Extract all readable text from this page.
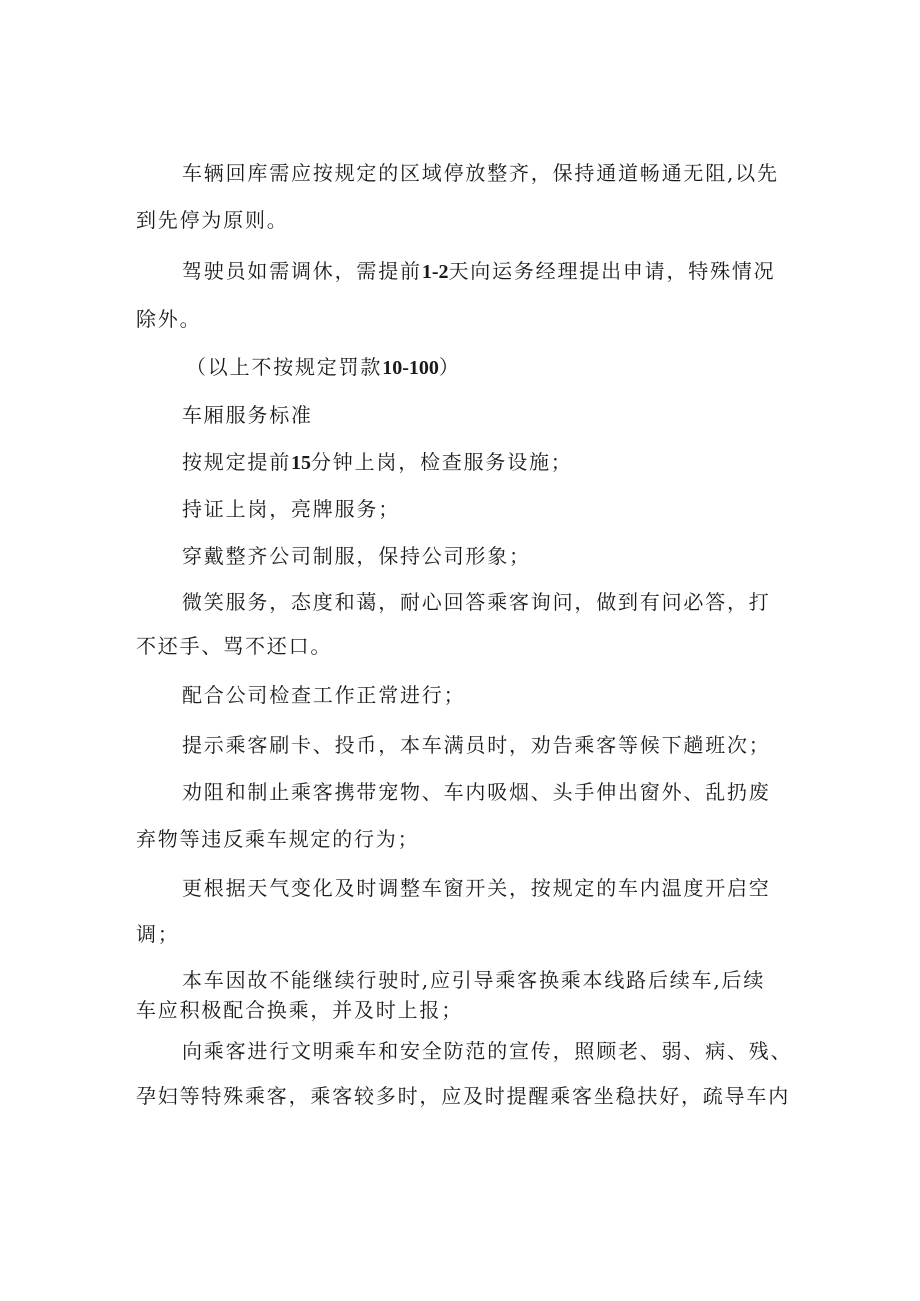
车辆回库需应按规定的区域停放整齐，保持通道畅通无阻,以先
到先停为原则。
驾驶员如需调休，需提前1-2天向运务经理提出申请，特殊情况
除外。
（以上不按规定罚款10-100）
车厢服务标准
按规定提前15分钟上岗，检查服务设施；
持证上岗，亮牌服务；
穿戴整齐公司制服，保持公司形象；
微笑服务，态度和蔼，耐心回答乘客询问，做到有问必答，打
不还手、骂不还口。
配合公司检查工作正常进行；
提示乘客刷卡、投币，本车满员时，劝告乘客等候下趟班次；
劝阻和制止乘客携带宠物、车内吸烟、头手伸出窗外、乱扔废
弃物等违反乘车规定的行为；
更根据天气变化及时调整车窗开关，按规定的车内温度开启空
调；
本车因故不能继续行驶时,应引导乘客换乘本线路后续车,后续
车应积极配合换乘，并及时上报；
向乘客进行文明乘车和安全防范的宣传，照顾老、弱、病、残、
孕妇等特殊乘客，乘客较多时，应及时提醒乘客坐稳扶好，疏导车内
